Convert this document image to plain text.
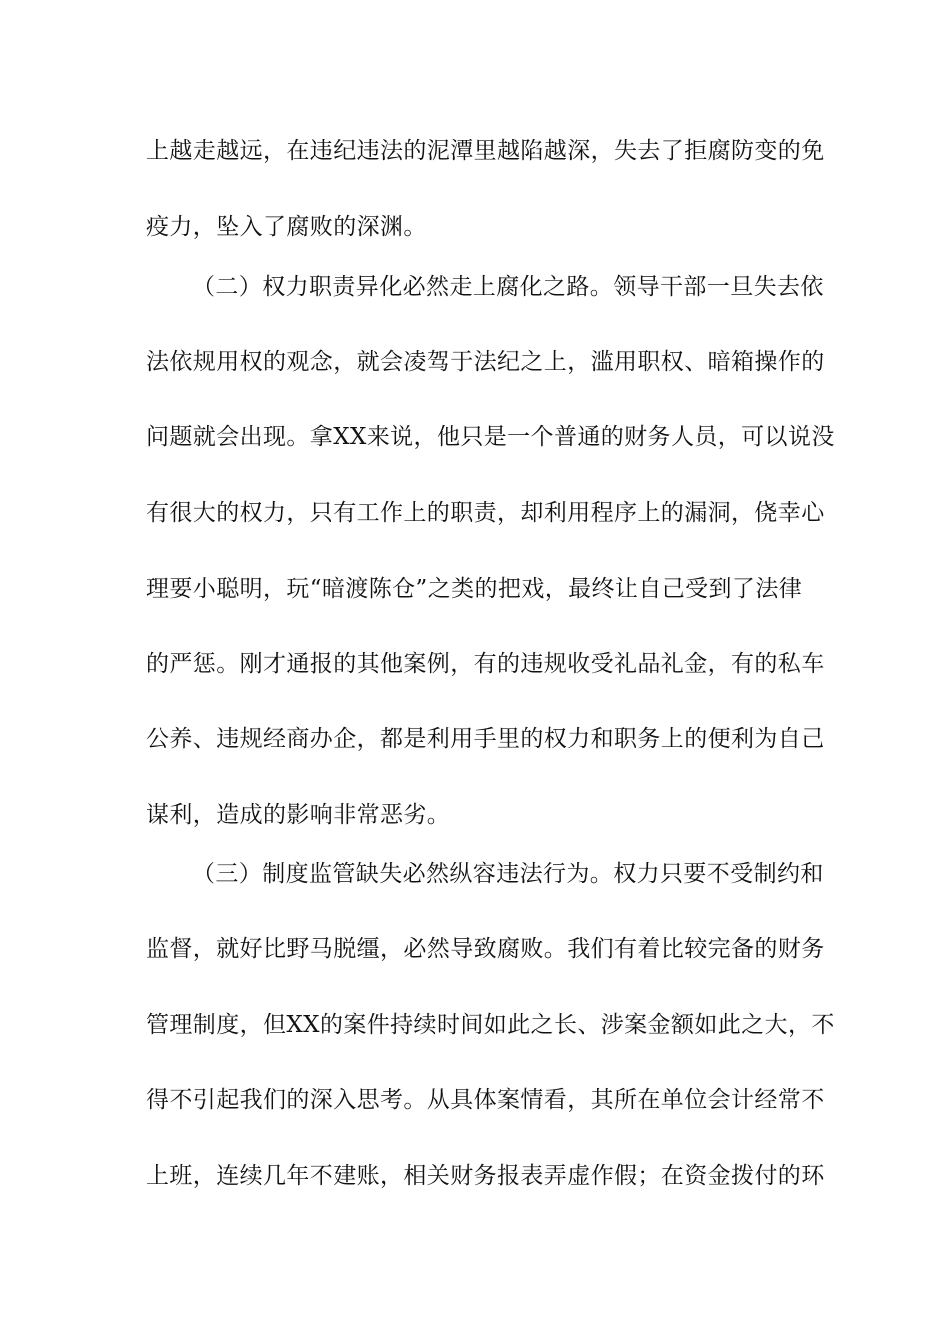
上越走越远，在违纪违法的泥潭里越陷越深，失去了拒腐防变的免
疫力，坠入了腐败的深渊。
（二）权力职责异化必然走上腐化之路。领导干部一旦失去依
法依规用权的观念，就会凌驾于法纪之上，滥用职权、暗箱操作的
问题就会出现。拿XX来说，他只是一个普通的财务人员，可以说没
有很大的权力，只有工作上的职责，却利用程序上的漏洞，侥幸心
理要小聪明，玩“暗渡陈仓”之类的把戏，最终让自己受到了法律
的严惩。刚才通报的其他案例，有的违规收受礼品礼金，有的私车
公养、违规经商办企，都是利用手里的权力和职务上的便利为自己
谋利，造成的影响非常恶劣。
（三）制度监管缺失必然纵容违法行为。权力只要不受制约和
监督，就好比野马脱缰，必然导致腐败。我们有着比较完备的财务
管理制度，但XX的案件持续时间如此之长、涉案金额如此之大，不
得不引起我们的深入思考。从具体案情看，其所在单位会计经常不
上班，连续几年不建账，相关财务报表弄虚作假；在资金拨付的环
